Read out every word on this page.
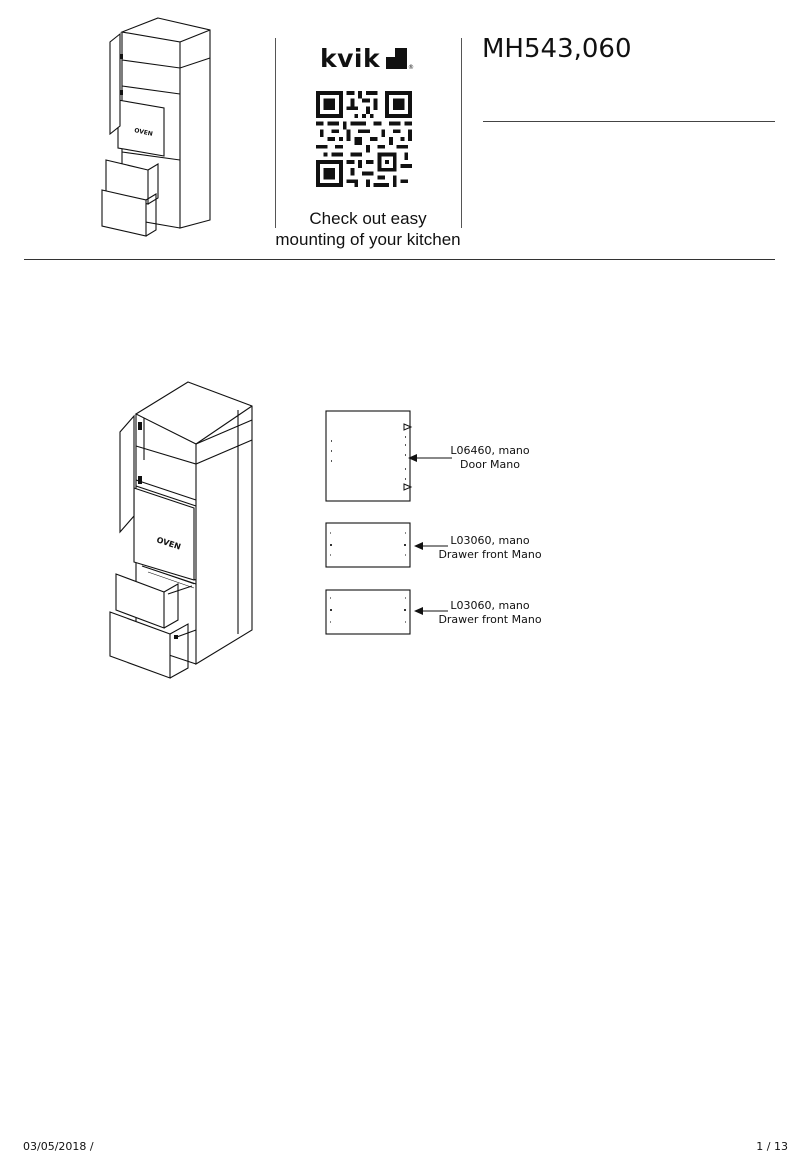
OVEN
kvik	®
Check out easy
mounting of your kitchen
MH543,060
OVEN
L06460, mano
Door Mano
L03060, mano
Drawer front Mano
L03060, mano
Drawer front Mano
03/05/2018 /	1 / 13
